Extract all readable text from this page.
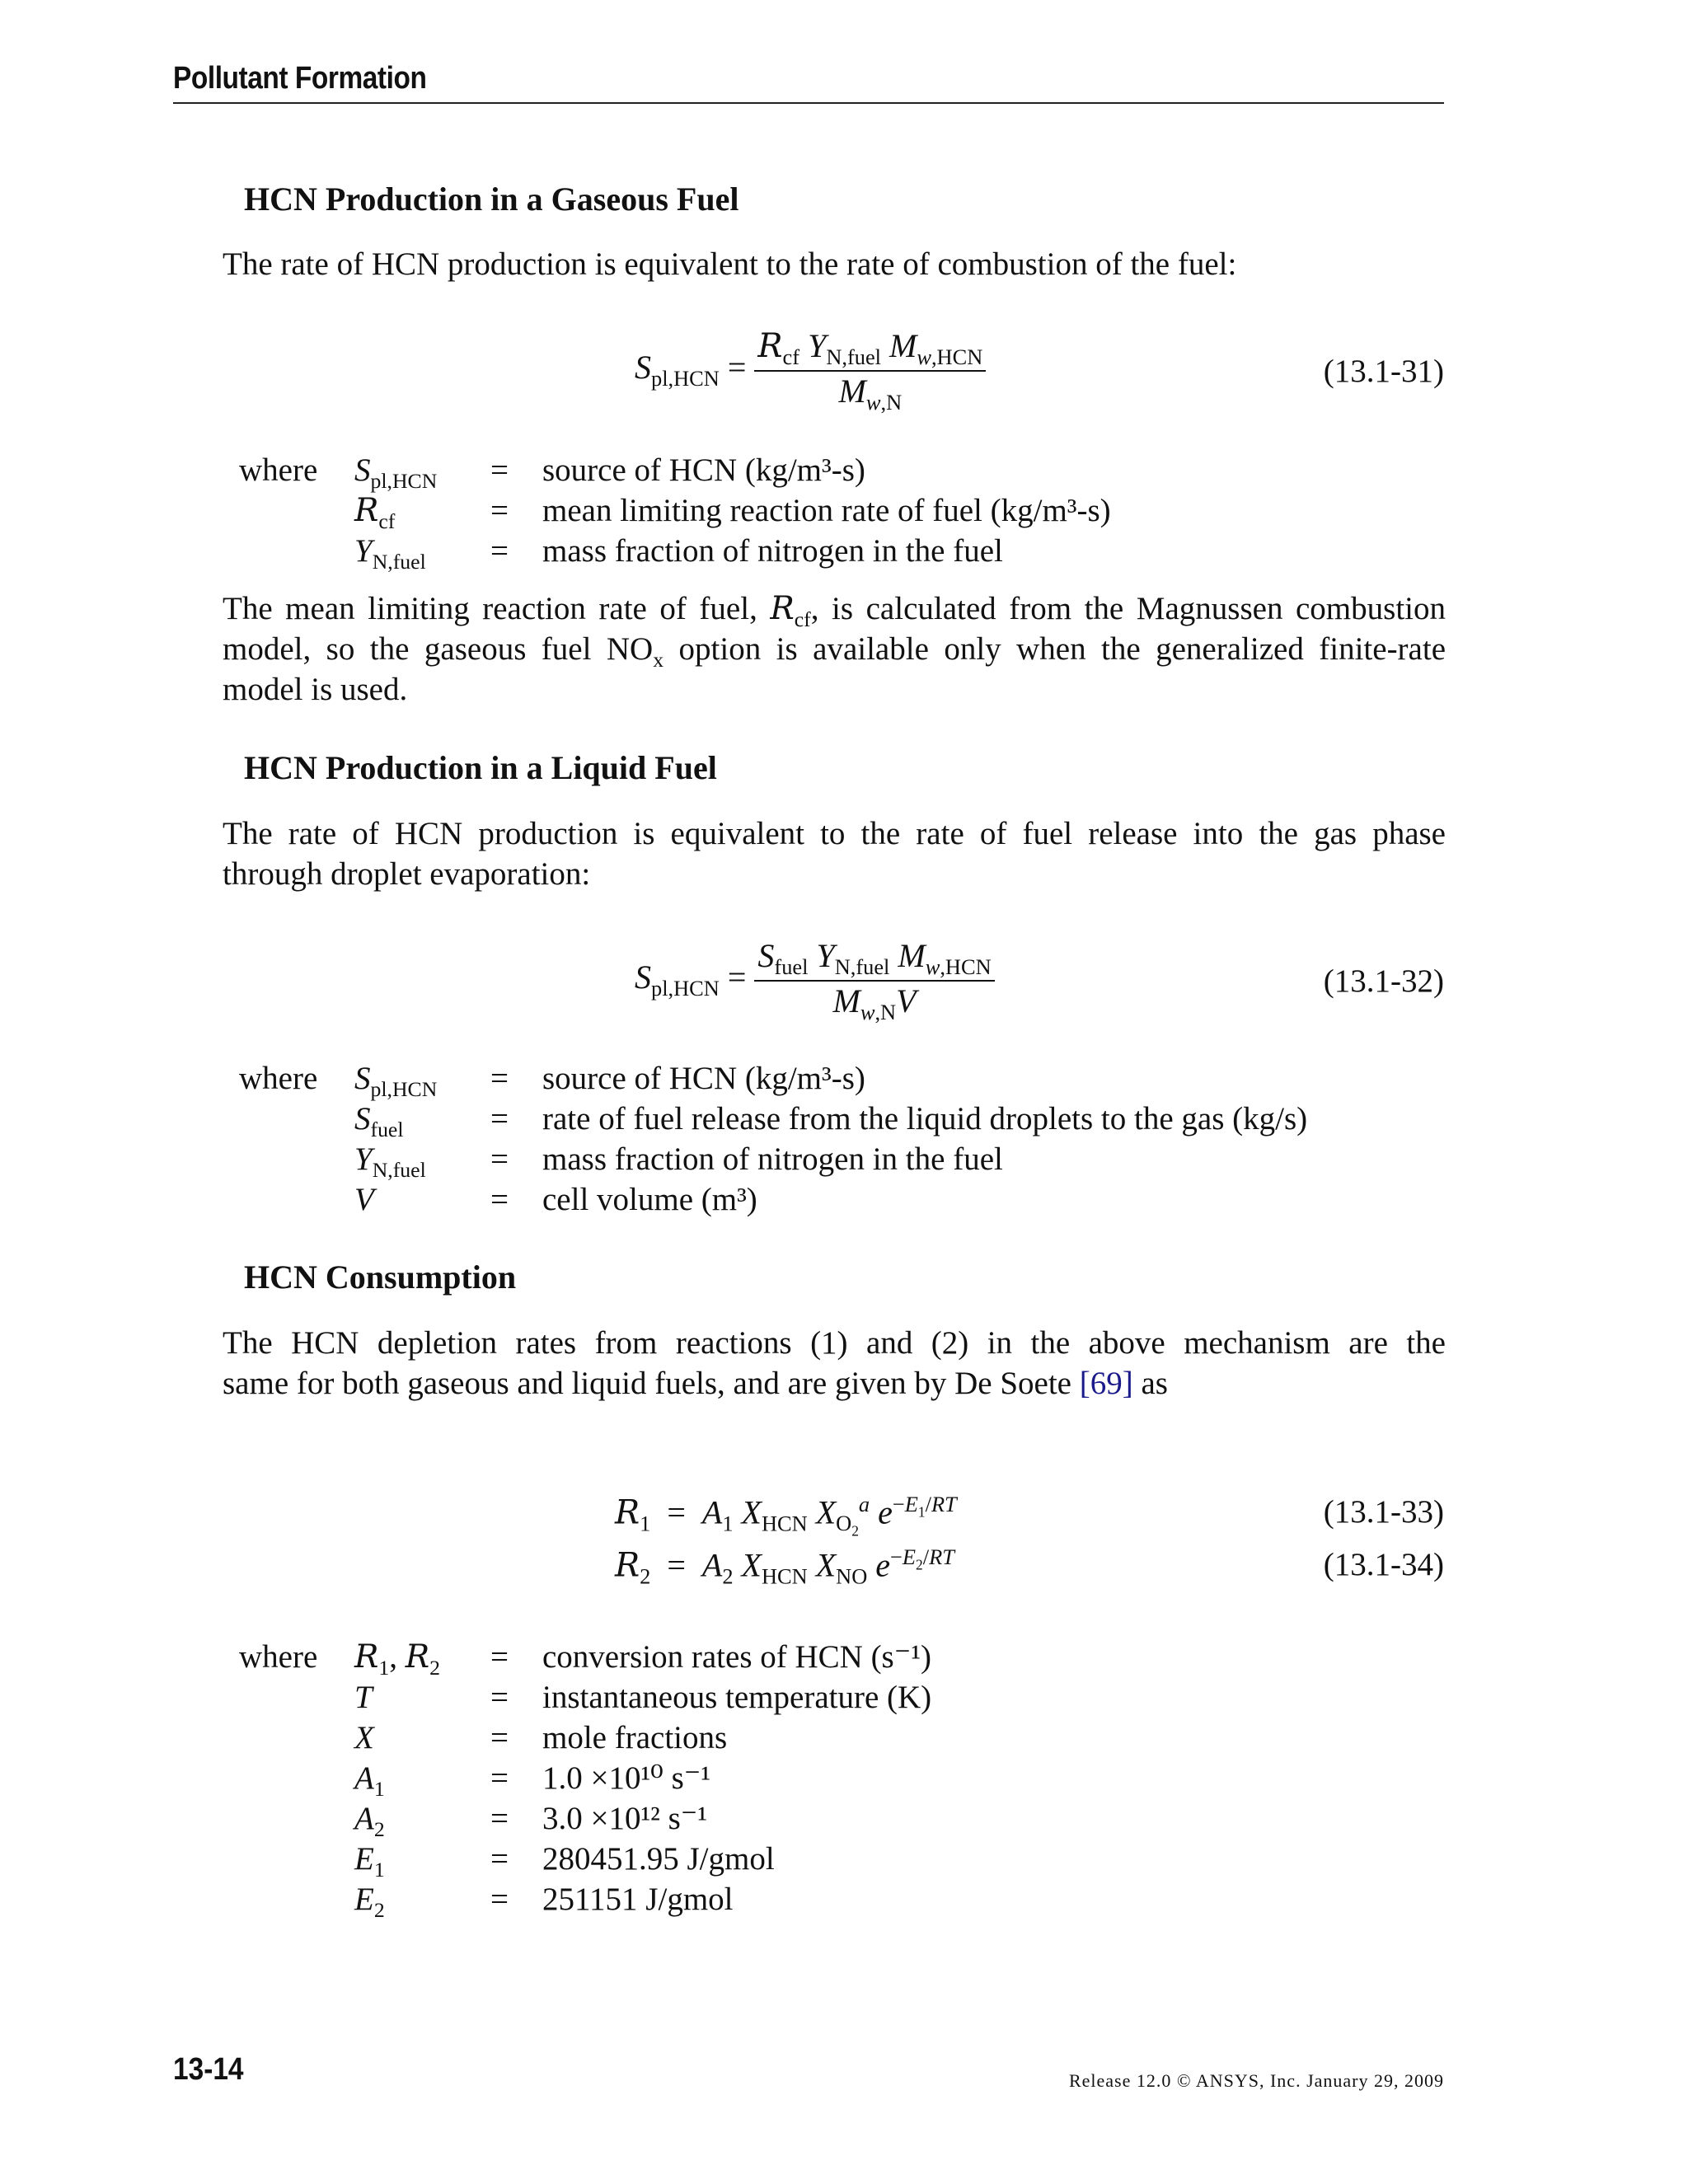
Pollutant Formation
HCN Production in a Gaseous Fuel
The rate of HCN production is equivalent to the rate of combustion of the fuel:
$S_{pl,HCN} = \frac{R_{cf} Y_{N,fuel} M_{w,HCN}}{M_{w,N}}$	(13.1-31)
where $S_{pl,HCN}$ = source of HCN (kg/m³-s)
$R_{cf}$	= mean limiting reaction rate of fuel (kg/m³-s)
$Y_{N,fuel}$ = mass fraction of nitrogen in the fuel
The mean limiting reaction rate of fuel, $R_{cf}$, is calculated from the Magnussen combustion
model, so the gaseous fuel $NO_x$ option is available only when the generalized finite-rate
model is used.
HCN Production in a Liquid Fuel
The rate of HCN production is equivalent to the rate of fuel release into the gas phase
through droplet evaporation:
$S_{pl,HCN} = \frac{S_{fuel} Y_{N,fuel} M_{w,HCN}}{M_{w,N}V}$	(13.1-32)
where $S_{pl,HCN}$ = source of HCN (kg/m³-s)
$S_{fuel}$	= rate of fuel release from the liquid droplets to the gas (kg/s)
$Y_{N,fuel}$ = mass fraction of nitrogen in the fuel
V	= cell volume (m³)
HCN Consumption
The HCN depletion rates from reactions (1) and (2) in the above mechanism are the
same for both gaseous and liquid fuels, and are given by De Soete [69] as
$R_1 = A_1$ $X_{HCN}$ $X_{O_2}^a$ $e^{-E_1/RT}$	(13.1-33)
$R_2 = A_2$ $X_{HCN}$ $X_{NO}$ $e^{-E_2/RT}$	(13.1-34)
where $R_1$, $R_2$ = conversion rates of HCN (s⁻¹)
T	= instantaneous temperature (K)
X	= mole fractions
$A_1$	= 1.0 ×10¹⁰ s⁻¹
$A_2$	= 3.0 ×10¹² s⁻¹
$E_1$	= 280451.95 J/gmol
$E_2$	= 251151 J/gmol
13-14	Release 12.0 © ANSYS, Inc. January 29, 2009
